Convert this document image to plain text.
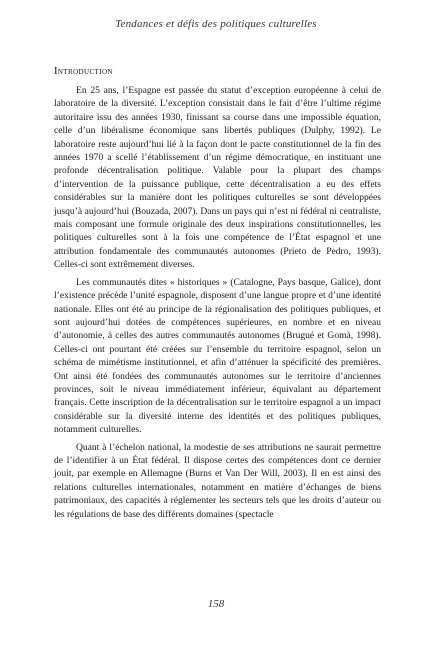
Tendances et défis des politiques culturelles
Introduction

En 25 ans, l’Espagne est passée du statut d’exception européenne à celui de laboratoire de la diversité. L’exception consistait dans le fait d’être l’ultime régime autoritaire issu des années 1930, finissant sa course dans une impossible équation, celle d’un libéralisme économique sans libertés publiques (Dulphy, 1992). Le laboratoire reste aujourd’hui lié à la façon dont le pacte constitutionnel de la fin des années 1970 a scellé l’établissement d’un régime démocratique, en instituant une profonde décentralisation politique. Valable pour la plupart des champs d’intervention de la puissance publique, cette décentralisation a eu des effets considérables sur la manière dont les politiques culturelles se sont développées jusqu’à aujourd’hui (Bouzada, 2007). Dans un pays qui n’est ni fédéral ni centraliste, mais composant une formule originale des deux inspirations constitutionnelles, les politiques culturelles sont à la fois une compétence de l’État espagnol et une attribution fondamentale des communautés autonomes (Prieto de Pedro, 1993). Celles-ci sont extrêmement diverses.

Les communautés dites « historiques » (Catalogne, Pays basque, Galice), dont l’existence précède l’unité espagnole, disposent d’une langue propre et d’une identité nationale. Elles ont été au principe de la régionalisation des politiques publiques, et sont aujourd’hui dotées de compétences supérieures, en nombre et en niveau d’autonomie, à celles des autres communautés autonomes (Brugué et Gomà, 1998). Celles-ci ont pourtant été créées sur l’ensemble du territoire espagnol, selon un schéma de mimétisme institutionnel, et afin d’atténuer la spécificité des premières. Ont ainsi été fondées des communautés autonomes sur le territoire d’anciennes provinces, soit le niveau immédiatement inférieur, équivalant au département français. Cette inscription de la décentralisation sur le territoire espagnol a un impact considérable sur la diversité interne des identités et des politiques publiques, notamment culturelles.

Quant à l’échelon national, la modestie de ses attributions ne saurait permettre de l’identifier à un État fédéral. Il dispose certes des compétences dont ce dernier jouit, par exemple en Allemagne (Burns et Van Der Will, 2003). Il en est ainsi des relations culturelles internationales, notamment en matière d’échanges de biens patrimoniaux, des capacités à réglementer les secteurs tels que les droits d’auteur ou les régulations de base des différents domaines (spectacle

158
